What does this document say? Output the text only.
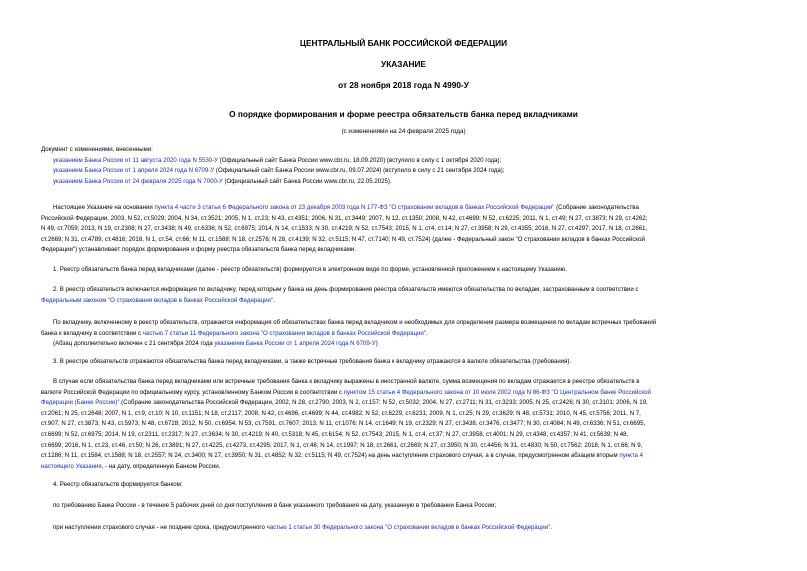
ЦЕНТРАЛЬНЫЙ БАНК РОССИЙСКОЙ ФЕДЕРАЦИИ
УКАЗАНИЕ
от 28 ноября 2018 года N 4990-У
О порядке формирования и форме реестра обязательств банка перед вкладчиками
(с изменениями на 24 февраля 2025 года)
Документ с изменениями, внесенными:
указанием Банка России от 11 августа 2020 года N 5530-У (Официальный сайт Банка России www.cbr.ru, 18.09.2020) (вступило в силу с 1 октября 2020 года);
указанием Банка России от 1 апреля 2024 года N 6709-У (Официальный сайт Банка России www.cbr.ru, 09.07.2024) (вступило в силу с 21 сентября 2024 года);
указанием Банка России от 24 февраля 2025 года N 7000-У (Официальный сайт Банка России www.cbr.ru, 22.05.2025).
Настоящее Указание на основании пункта 4 части 3 статьи 6 Федерального закона от 23 декабря 2003 года N 177-ФЗ "О страховании вкладов в банках Российской Федерации" (Собрание законодательства
Российской Федерации, 2003, N 52, ст.5029; 2004, N 34, ст.3521; 2005, N 1, ст.23; N 43, ст.4351; 2006, N 31, ст.3449; 2007, N 12, ст.1350; 2008, N 42, ст.4699; N 52, ст.6225; 2011, N 1, ст.49; N 27, ст.3873; N 29, ст.4262;
N 49, ст.7059; 2013, N 19, ст.2308; N 27, ст.3438; N 49, ст.6336; N 52, ст.6975; 2014, N 14, ст.1533; N 30, ст.4219; N 52, ст.7543; 2015, N 1, ст4, ст.14; N 27, ст.3958; N 29, ст.4355; 2016, N 27, ст.4297; 2017, N 18, ст.2661,
ст.2669; N 31, ст.4789, ст.4816; 2018, N 1, ст.54, ст.66; N 11, ст.1588; N 18, ст.2576; N 28, ст.4139; N 32, ст.5115; N 47, ст.7140; N 49, ст.7524) (далее - Федеральный закон "О страховании вкладов в банках Российской
Федерации") устанавливает порядок формирования и форму реестра обязательств банка перед вкладчиками.
1. Реестр обязательств банка перед вкладчиками (далее - реестр обязательств) формируется в электронном виде по форме, установленной приложением к настоящему Указанию.
2. В реестр обязательств включается информация по вкладчику, перед которым у банка на день формирования реестра обязательств имеются обязательства по вкладам, застрахованным в соответствии с
Федеральным законом "О страховании вкладов в банках Российской Федерации".
По вкладчику, включенному в реестр обязательств, отражается информация об обязательствах банка перед вкладчиком и необходимых для определения размера возмещения по вкладам встречных требований
банка к вкладчику в соответствии с частью 7 статьи 11 Федерального закона "О страховании вкладов в банках Российской Федерации".
(Абзац дополнительно включен с 21 сентября 2024 года указанием Банка России от 1 апреля 2024 года N 6709-У)
3. В реестре обязательств отражаются обязательства банка перед вкладчиками, а также встречные требования банка к вкладчику отражаются в валюте обязательства (требования).
В случае если обязательства банка перед вкладчиками или встречные требования банка к вкладчику выражены в иностранной валюте, сумма возмещения по вкладам отражается в реестре обязательств в
валюте Российской Федерации по официальному курсу, установленному Банком России в соответствии с пунктом 15 статьи 4 Федерального закона от 10 июля 2002 года N 86-ФЗ "О Центральном банке Российской
Федерации (Банке России)" (Собрание законодательства Российской Федерации, 2002, N 28, ст.2790; 2003, N 2, ст.157; N 52, ст.5032; 2004, N 27, ст.2711; N 31, ст.3233; 2005, N 25, ст.2426; N 30, ст.3101; 2006, N 19,
ст.2061; N 25, ст.2648; 2007, N 1, ст.9, ст.10; N 10, ст.1151; N 18, ст.2117; 2008, N 42, ст.4696, ст.4699; N 44, ст.4982; N 52, ст.6229, ст.6231; 2009, N 1, ст.25; N 29, ст.3629; N 48, ст.5731; 2010, N 45, ст.5756; 2011, N 7,
ст.907; N 27, ст.3873; N 43, ст.5973; N 48, ст.6728; 2012, N 50, ст.6954; N 53, ст.7591, ст.7607; 2013, N 11, ст.1076; N 14, ст.1649; N 19, ст.2329; N 27, ст.3438, ст.3476, ст.3477; N 30, ст.4084; N 49, ст.6336; N 51, ст.6695,
ст.6699; N 52, ст.6975; 2014, N 19, ст.2311, ст.2317; N 27, ст.3634; N 30, ст.4219; N 40, ст.5318; N 45, ст.6154; N 52, ст.7543; 2015, N 1, ст.4, ст.37; N 27, ст.3958, ст.4001; N 29, ст.4348, ст.4357; N 41, ст.5639; N 48,
ст.6699; 2016, N 1, ст.23, ст.46, ст.50; N 26, ст.3891; N 27, ст.4225, ст.4273, ст.4295; 2017, N 1, ст.46; N 14, ст.1997; N 18, ст.2661, ст.2669; N 27, ст.3950; N 30, ст.4456; N 31, ст.4830; N 50, ст.7562; 2018, N 1, ст.66; N 9,
ст.1286; N 11, ст.1584, ст.1588; N 18, ст.2557; N 24, ст.3400; N 27, ст.3950; N 31, ст.4852; N 32, ст.5115; N 49, ст.7524) на день наступления страхового случая, а в случае, предусмотренном абзацем вторым пункта 4
настоящего Указания, - на дату, определенную Банком России.
4. Реестр обязательств формируется банком:
по требованию Банка России - в течение 5 рабочих дней со дня поступления в банк указанного требования на дату, указанную в требовании Банка России;
при наступлении страхового случая - не позднее срока, предусмотренного частью 1 статьи 30 Федерального закона "О страховании вкладов в банках Российской Федерации".
